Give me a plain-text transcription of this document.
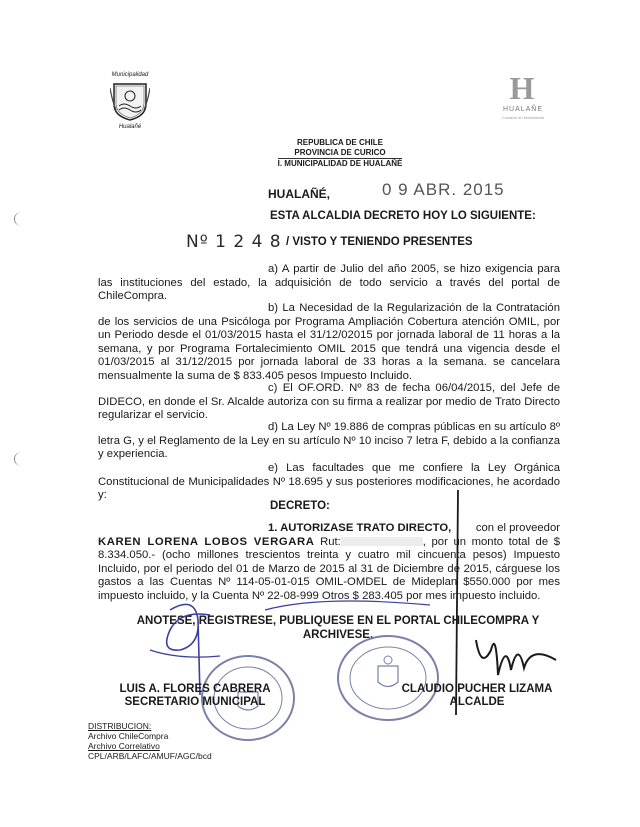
Municipalidad
Hualañé
H
HUALAÑE
Corazón en Movimiento
REPUBLICA DE CHILE
PROVINCIA DE CURICO
I. MUNICIPALIDAD DE HUALAÑÉ
HUALAÑÉ,	0 9 ABR. 2015
ESTA ALCALDIA DECRETO HOY LO SIGUIENTE:
Nº 1 2 4 8 / VISTO Y TENIENDO PRESENTES
a) A partir de Julio del año 2005, se hizo exigencia para las instituciones del estado, la adquisición de todo servicio a través del portal de ChileCompra.
b) La Necesidad de la Regularización de la Contratación de los servicios de una Psicóloga por Programa Ampliación Cobertura atención OMIL, por un Periodo desde el 01/03/2015 hasta el 31/12/02015 por jornada laboral de 11 horas a la semana, y por Programa Fortalecimiento OMIL 2015 que tendrá una vigencia desde el 01/03/2015 al 31/12/2015 por jornada laboral de 33 horas a la semana. se cancelara mensualmente la suma de $ 833.405 pesos Impuesto Incluido.
c) El OF.ORD. Nº 83 de fecha 06/04/2015, del Jefe de DIDECO, en donde el Sr. Alcalde autoriza con su firma a realizar por medio de Trato Directo regularizar el servicio.
d) La Ley Nº 19.886 de compras públicas en su artículo 8º letra G, y el Reglamento de la Ley en su artículo Nº 10 inciso 7 letra F, debido a la confianza y experiencia.
e) Las facultades que me confiere la Ley Orgánica Constitucional de Municipalidades Nº 18.695 y sus posteriores modificaciones, he acordado y:
DECRETO:
1. AUTORIZASE TRATO DIRECTO, con el proveedor
KAREN LORENA LOBOS VERGARA Rut:	, por un monto total de $ 8.334.050.- (ocho millones trescientos treinta y cuatro mil cincuenta pesos) Impuesto Incluido, por el periodo del 01 de Marzo de 2015 al 31 de Diciembre de 2015, cárguese los gastos a las Cuentas Nº 114-05-01-015 OMIL-OMDEL de Mideplan $550.000 por mes impuesto incluido, y la Cuenta Nº 22-08-999 Otros $ 283.405 por mes impuesto incluido.
ANOTESE, REGISTRESE, PUBLIQUESE EN EL PORTAL CHILECOMPRA Y
ARCHIVESE.
LUIS A. FLORES CABRERA
SECRETARIO MUNICIPAL
CLAUDIO PUCHER LIZAMA
ALCALDE
DISTRIBUCION:
Archivo ChileCompra
Archivo Correlativo
CPL/ARB/LAFC/AMUF/AGC/bcd
